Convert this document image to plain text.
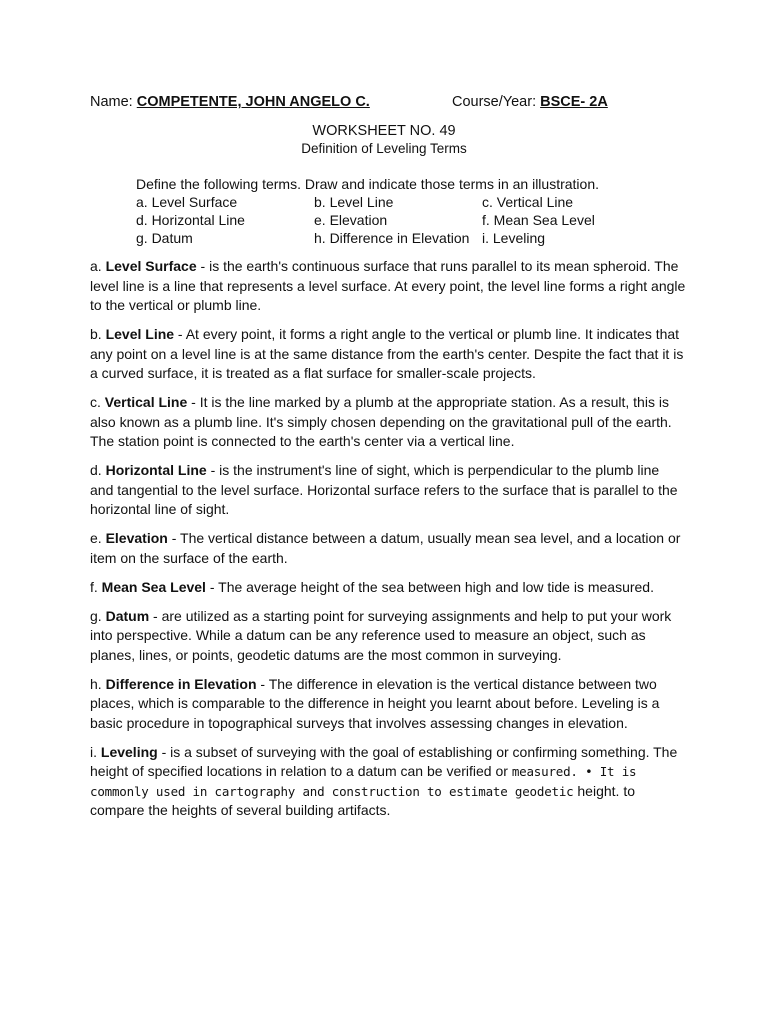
Name: COMPETENTE, JOHN ANGELO C.	Course/Year: BSCE- 2A
WORKSHEET NO. 49
Definition of Leveling Terms
Define the following terms. Draw and indicate those terms in an illustration.
a. Level Surface	b. Level Line	c. Vertical Line
d. Horizontal Line	e. Elevation	f. Mean Sea Level
g. Datum	h. Difference in Elevation i. Leveling

a. Level Surface - is the earth's continuous surface that runs parallel to its mean spheroid. The level line is a line that represents a level surface. At every point, the level line forms a right angle to the vertical or plumb line.

b. Level Line - At every point, it forms a right angle to the vertical or plumb line. It indicates that any point on a level line is at the same distance from the earth's center. Despite the fact that it is a curved surface, it is treated as a flat surface for smaller-scale projects.

c. Vertical Line - It is the line marked by a plumb at the appropriate station. As a result, this is also known as a plumb line. It's simply chosen depending on the gravitational pull of the earth. The station point is connected to the earth's center via a vertical line.

d. Horizontal Line - is the instrument's line of sight, which is perpendicular to the plumb line and tangential to the level surface. Horizontal surface refers to the surface that is parallel to the horizontal line of sight.

e. Elevation - The vertical distance between a datum, usually mean sea level, and a location or item on the surface of the earth.

f. Mean Sea Level - The average height of the sea between high and low tide is measured.

g. Datum - are utilized as a starting point for surveying assignments and help to put your work into perspective. While a datum can be any reference used to measure an object, such as planes, lines, or points, geodetic datums are the most common in surveying.

h. Difference in Elevation - The difference in elevation is the vertical distance between two places, which is comparable to the difference in height you learnt about before. Leveling is a basic procedure in topographical surveys that involves assessing changes in elevation.

i. Leveling - is a subset of surveying with the goal of establishing or confirming something. The height of specified locations in relation to a datum can be verified or measured. • It is commonly used in cartography and construction to estimate geodetic height. to compare the heights of several building artifacts.
